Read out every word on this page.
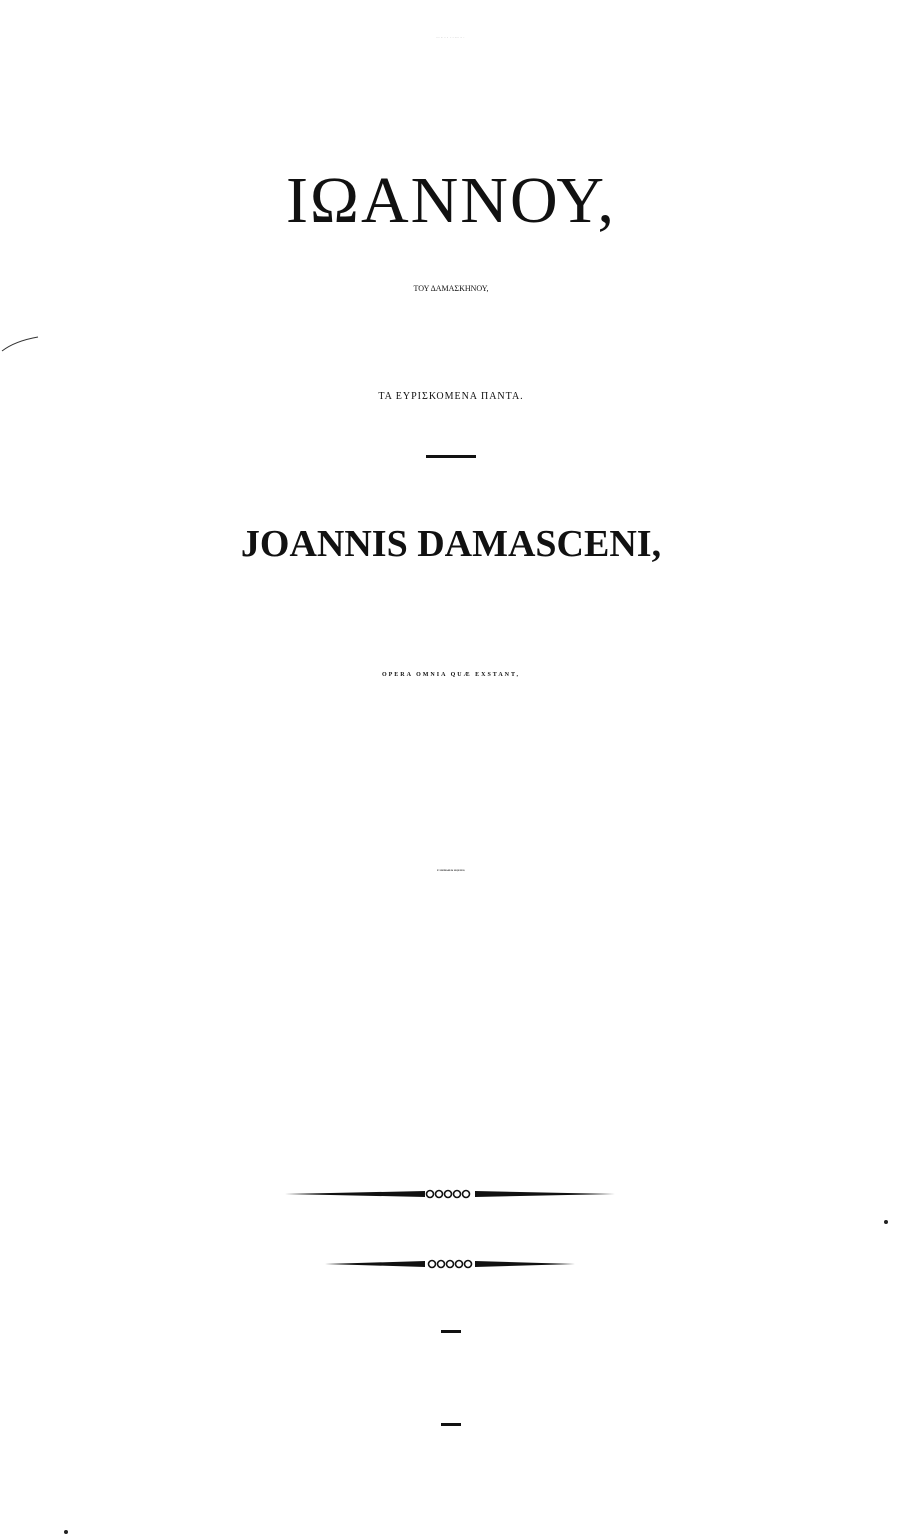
TRADITIO CATHOLICA.
ΙΩΑΝΝΟΥ,
ΤΟΥ ΔΑΜΑΣΚΗΝΟΥ,
ΤΑ ΕΥΡΙΣΚΟΜΕΝΑ ΠΑΝΤΑ.
JOANNIS DAMASCENI,
OPERA OMNIA QUÆ EXSTANT,
P. MICHAELIS LEQUIEN,
